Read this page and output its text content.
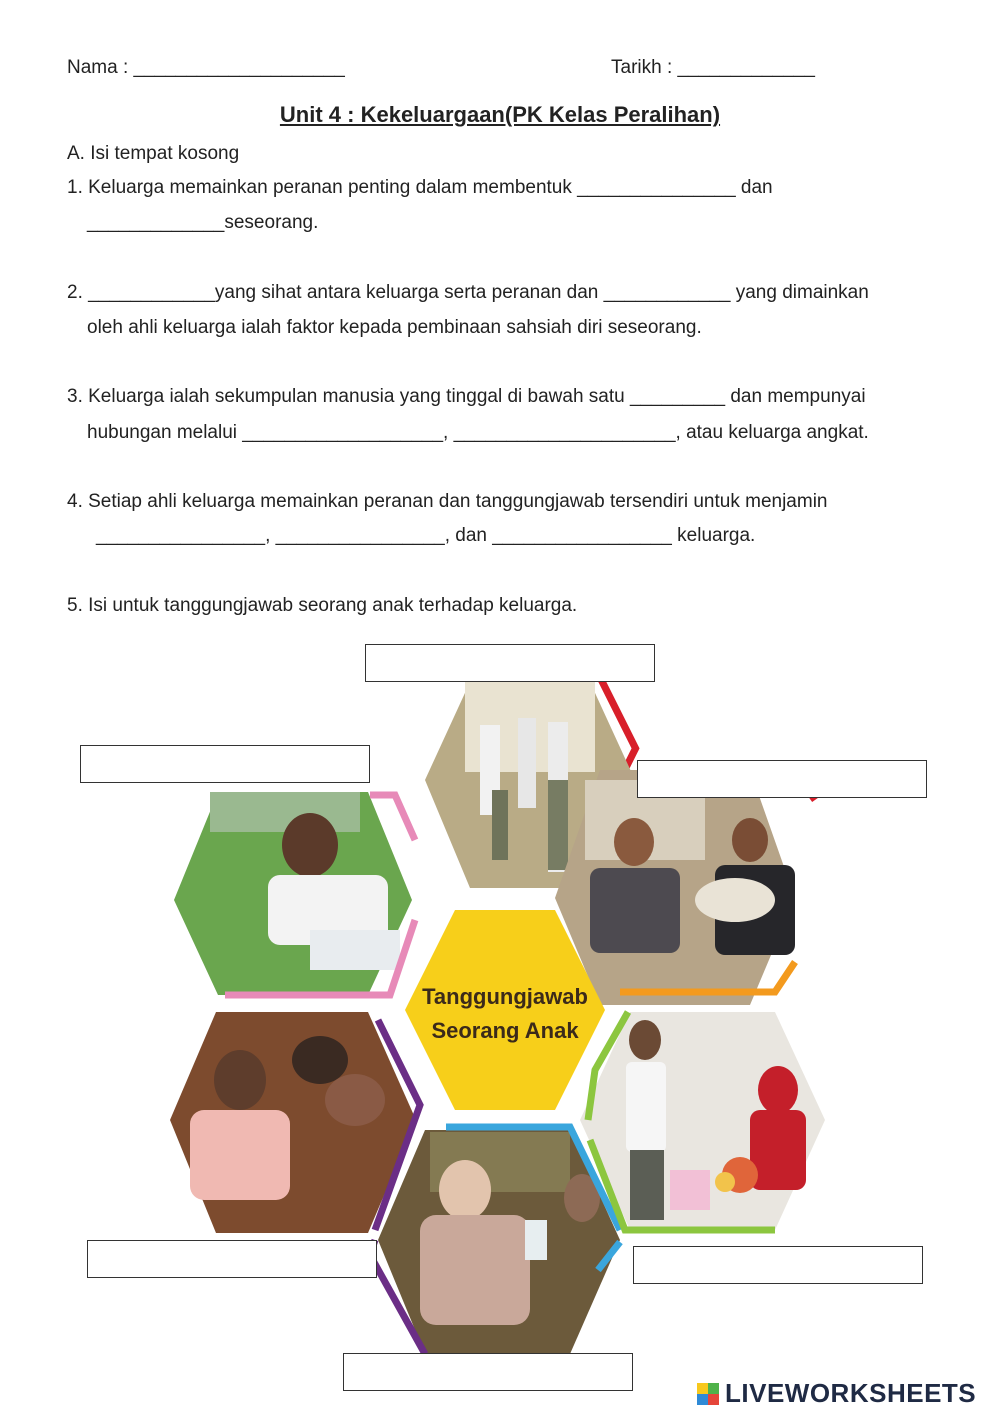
Nama : ____________________	Tarikh : _____________
Unit 4 : Kekeluargaan(PK Kelas Peralihan)
A. Isi tempat kosong
1. Keluarga memainkan peranan penting dalam membentuk _______________ dan
_____________seseorang.
2. ____________yang sihat antara keluarga serta peranan dan ____________ yang dimainkan
oleh ahli keluarga ialah faktor kepada pembinaan sahsiah diri seseorang.
3. Keluarga ialah sekumpulan manusia yang tinggal di bawah satu _________ dan mempunyai
hubungan melalui ___________________, _____________________, atau keluarga angkat.
4. Setiap ahli keluarga memainkan peranan dan tanggungjawab tersendiri untuk menjamin
________________, ________________, dan _________________ keluarga.
5. Isi untuk tanggungjawab seorang anak terhadap keluarga.
Tanggungjawab
Seorang Anak
LIVEWORKSHEETS
